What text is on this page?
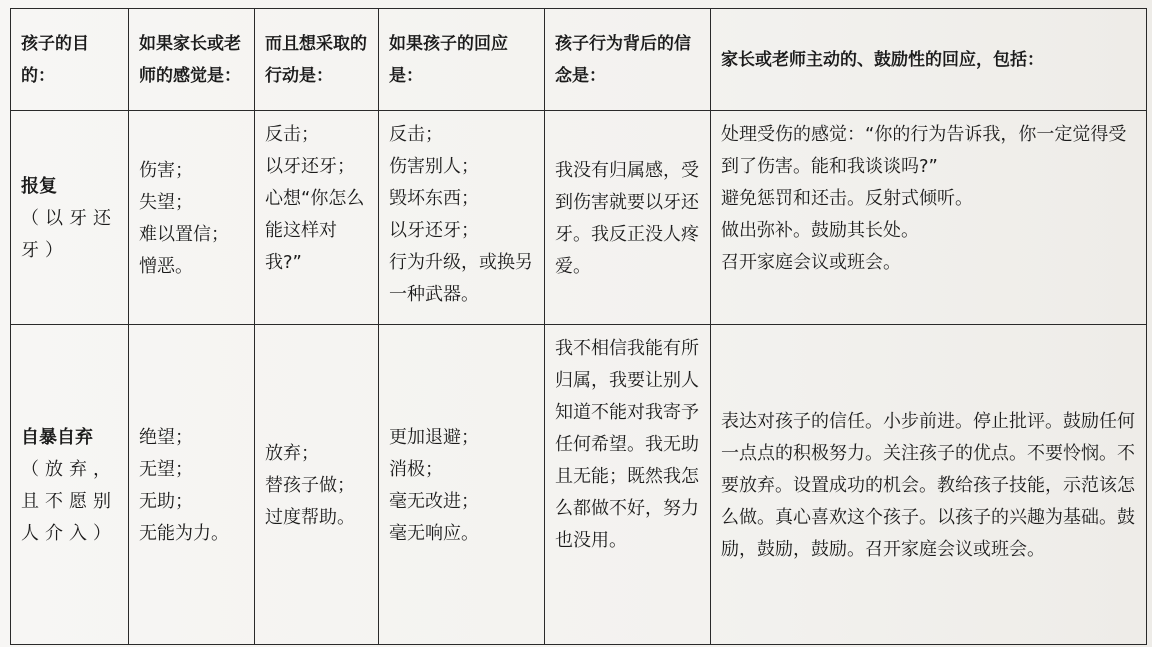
孩子的目的：	如果家长或老师的感觉是：	而且想采取的行动是：	如果孩子的回应是：	孩子行为背后的信念是：	家长或老师主动的、鼓励性的回应，包括：

报复
（以牙还牙）	伤害；
失望；
难以置信；
憎恶。	反击；
以牙还牙；
心想“你怎么能这样对我?”	反击；
伤害别人；
毁坏东西；
以牙还牙；
行为升级，或换另一种武器。	我没有归属感，受到伤害就要以牙还牙。我反正没人疼爱。	处理受伤的感觉：“你的行为告诉我，你一定觉得受到了伤害。能和我谈谈吗?”
避免惩罚和还击。反射式倾听。
做出弥补。鼓励其长处。
召开家庭会议或班会。

自暴自弃
（放弃，且不愿别人介入）	绝望；
无望；
无助；
无能为力。	放弃；
替孩子做；
过度帮助。	更加退避；
消极；
毫无改进；
毫无响应。	我不相信我能有所归属，我要让别人知道不能对我寄予任何希望。我无助且无能；既然我怎么都做不好，努力也没用。	表达对孩子的信任。小步前进。停止批评。鼓励任何一点点的积极努力。关注孩子的优点。不要怜悯。不要放弃。设置成功的机会。教给孩子技能，示范该怎么做。真心喜欢这个孩子。以孩子的兴趣为基础。鼓励，鼓励，鼓励。召开家庭会议或班会。
